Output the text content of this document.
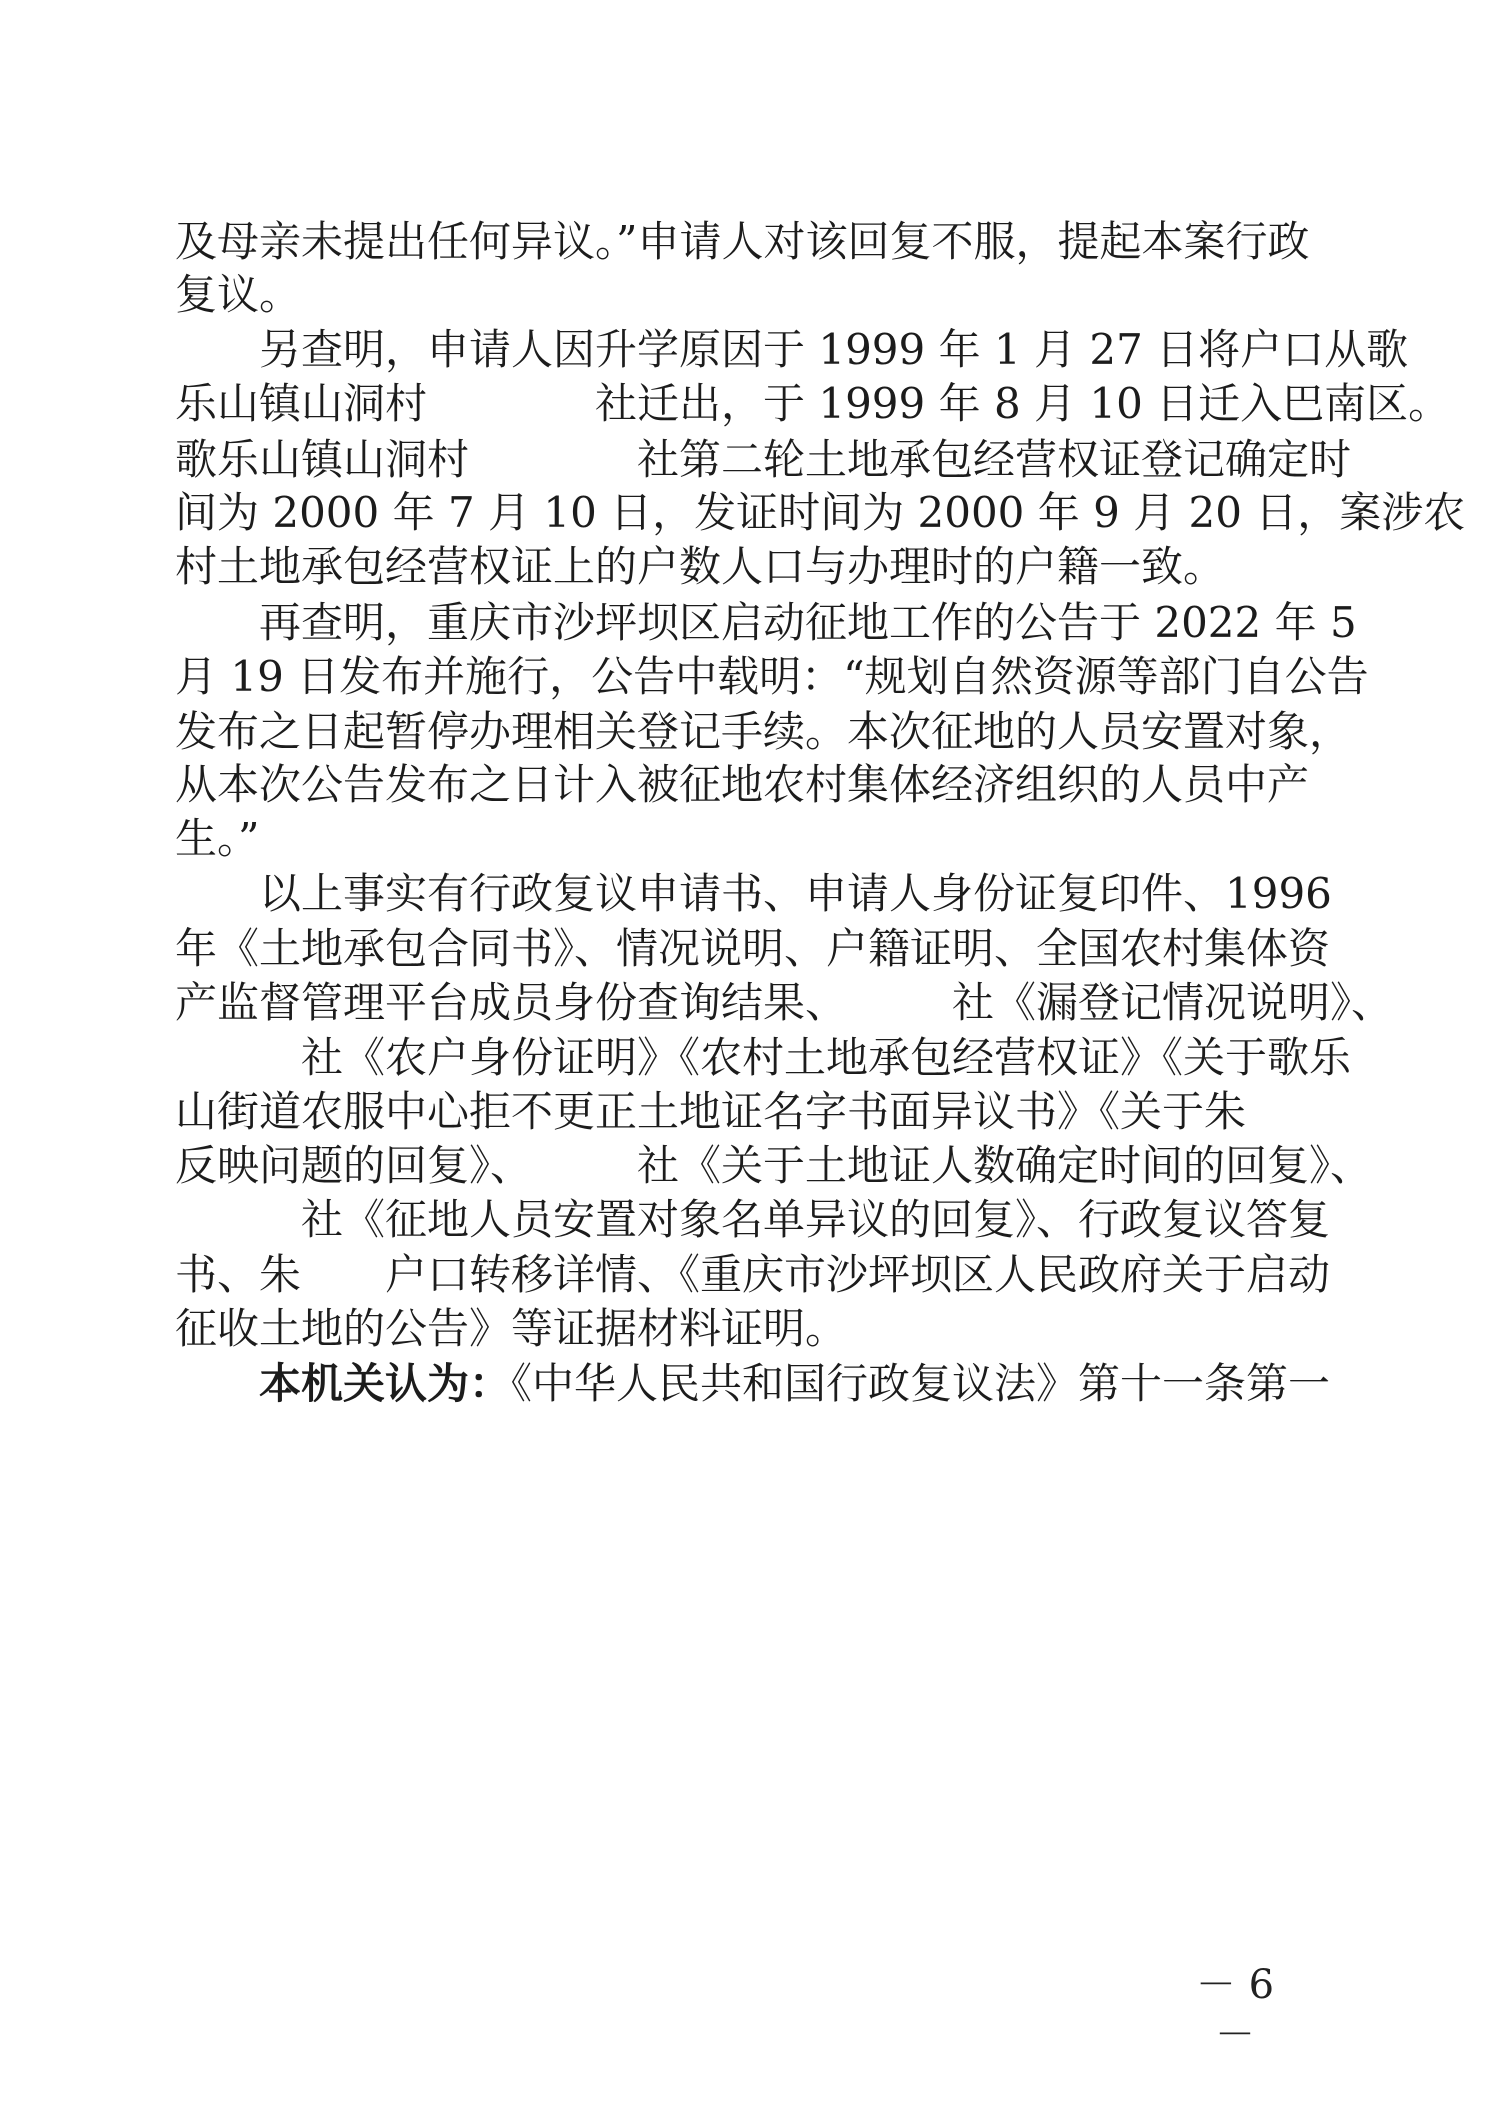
及母亲未提出任何异议。”申请人对该回复不服，提起本案行政
复议。
　　另查明，申请人因升学原因于 1999 年 1 月 27 日将户口从歌
乐山镇山洞村　　　　社迁出，于 1999 年 8 月 10 日迁入巴南区。
歌乐山镇山洞村　　　　社第二轮土地承包经营权证登记确定时
间为 2000 年 7 月 10 日，发证时间为 2000 年 9 月 20 日，案涉农
村土地承包经营权证上的户数人口与办理时的户籍一致。
　　再查明，重庆市沙坪坝区启动征地工作的公告于 2022 年 5
月 19 日发布并施行，公告中载明：“规划自然资源等部门自公告
发布之日起暂停办理相关登记手续。本次征地的人员安置对象，
从本次公告发布之日计入被征地农村集体经济组织的人员中产
生。”
　　以上事实有行政复议申请书、申请人身份证复印件、1996
年《土地承包合同书》、情况说明、户籍证明、全国农村集体资
产监督管理平台成员身份查询结果、　　　社《漏登记情况说明》、
　　　社《农户身份证明》《农村土地承包经营权证》《关于歌乐
山街道农服中心拒不更正土地证名字书面异议书》《关于朱
反映问题的回复》、　　　社《关于土地证人数确定时间的回复》、
　　　社《征地人员安置对象名单异议的回复》、行政复议答复
书、朱　　户口转移详情、《重庆市沙坪坝区人民政府关于启动
征收土地的公告》等证据材料证明。
　　本机关认为：《中华人民共和国行政复议法》第十一条第一
－ 6 －
